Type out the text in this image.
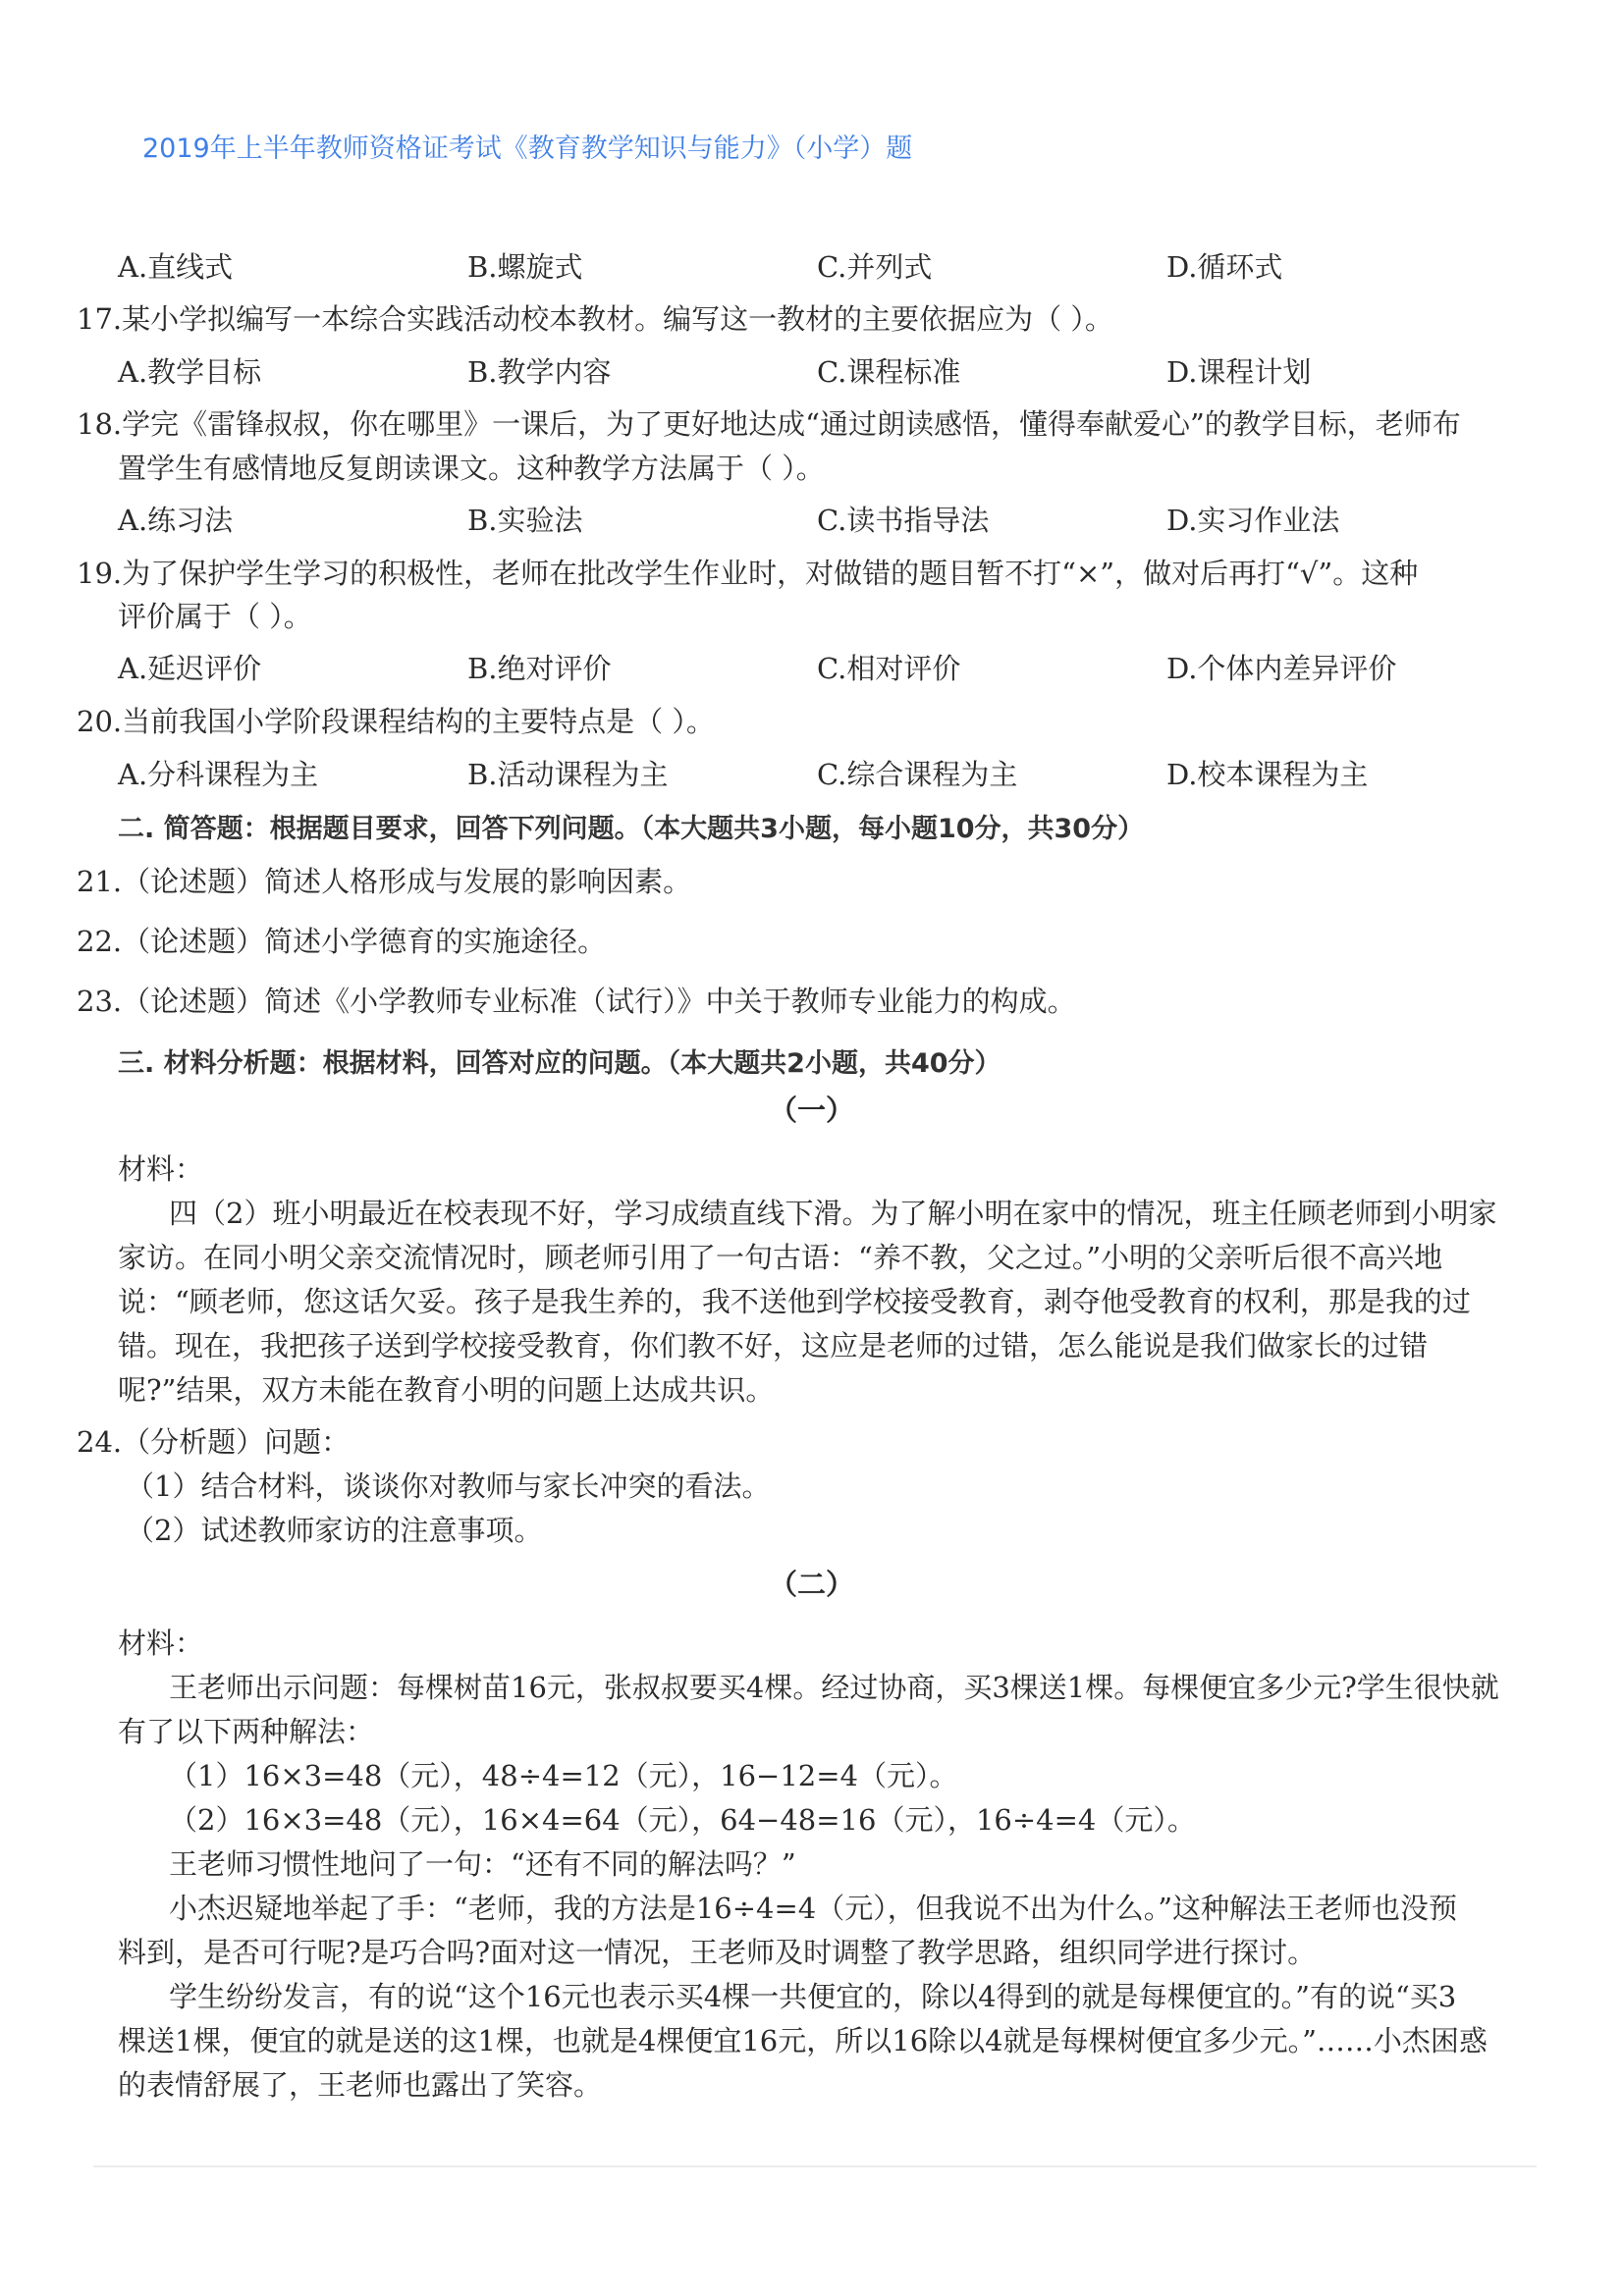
2019年上半年教师资格证考试《教育教学知识与能力》（小学）题
A.直线式	B.螺旋式	C.并列式	D.循环式
17.某小学拟编写一本综合实践活动校本教材。编写这一教材的主要依据应为（ ）。
A.教学目标	B.教学内容	C.课程标准	D.课程计划
18.学完《雷锋叔叔，你在哪里》一课后，为了更好地达成“通过朗读感悟，懂得奉献爱心”的教学目标，老师布
置学生有感情地反复朗读课文。这种教学方法属于（ ）。
A.练习法	B.实验法	C.读书指导法	D.实习作业法
19.为了保护学生学习的积极性，老师在批改学生作业时，对做错的题目暂不打“×”，做对后再打“√”。这种
评价属于（ ）。
A.延迟评价	B.绝对评价	C.相对评价	D.个体内差异评价
20.当前我国小学阶段课程结构的主要特点是（ ）。
A.分科课程为主	B.活动课程为主	C.综合课程为主	D.校本课程为主
二. 简答题：根据题目要求，回答下列问题。（本大题共3小题，每小题10分，共30分）
21.（论述题）简述人格形成与发展的影响因素。
22.（论述题）简述小学德育的实施途径。
23.（论述题）简述《小学教师专业标准（试行）》中关于教师专业能力的构成。
三. 材料分析题：根据材料，回答对应的问题。（本大题共2小题，共40分）
（一）
材料：
四（2）班小明最近在校表现不好，学习成绩直线下滑。为了解小明在家中的情况，班主任顾老师到小明家
家访。在同小明父亲交流情况时，顾老师引用了一句古语：“养不教，父之过。”小明的父亲听后很不高兴地
说：“顾老师，您这话欠妥。孩子是我生养的，我不送他到学校接受教育，剥夺他受教育的权利，那是我的过
错。现在，我把孩子送到学校接受教育，你们教不好，这应是老师的过错，怎么能说是我们做家长的过错
呢?”结果，双方未能在教育小明的问题上达成共识。
24.（分析题）问题：
（1）结合材料，谈谈你对教师与家长冲突的看法。
（2）试述教师家访的注意事项。
（二）
材料：
王老师出示问题：每棵树苗16元，张叔叔要买4棵。经过协商，买3棵送1棵。每棵便宜多少元?学生很快就
有了以下两种解法：
（1）16×3=48（元），48÷4=12（元），16−12=4（元）。
（2）16×3=48（元），16×4=64（元），64−48=16（元），16÷4=4（元）。
王老师习惯性地问了一句：“还有不同的解法吗？”
小杰迟疑地举起了手：“老师，我的方法是16÷4=4（元），但我说不出为什么。”这种解法王老师也没预
料到，是否可行呢?是巧合吗?面对这一情况，王老师及时调整了教学思路，组织同学进行探讨。
学生纷纷发言，有的说“这个16元也表示买4棵一共便宜的，除以4得到的就是每棵便宜的。”有的说“买3
棵送1棵，便宜的就是送的这1棵，也就是4棵便宜16元，所以16除以4就是每棵树便宜多少元。”……小杰困惑
的表情舒展了，王老师也露出了笑容。
